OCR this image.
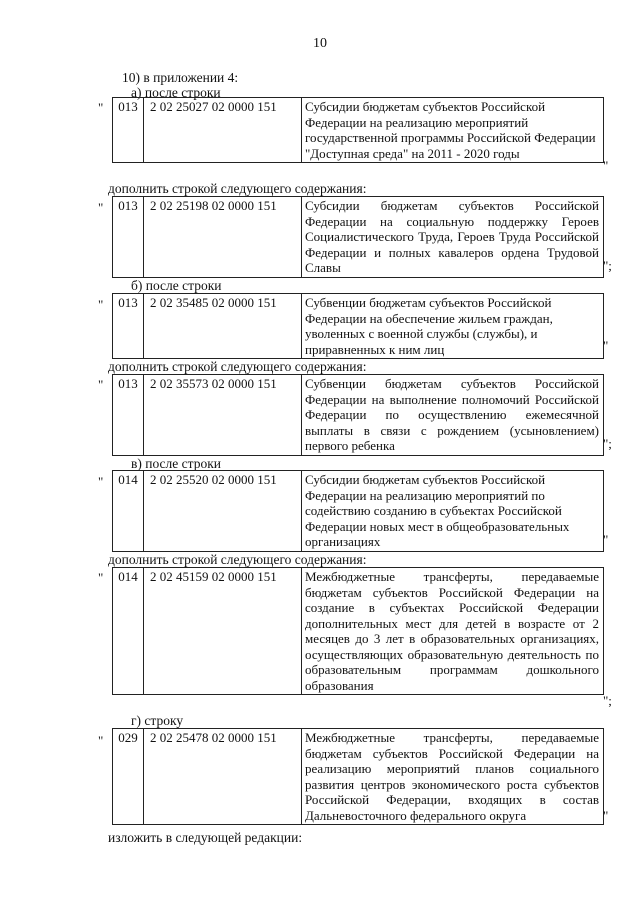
10
10) в приложении 4:
а) после строки
" 013	2 02 25027 02 0000 151	Субсидии бюджетам субъектов Российской Федерации на реализацию мероприятий государственной программы Российской Федерации "Доступная среда" на 2011 - 2020 годы
"
дополнить строкой следующего содержания:
" 013	2 02 25198 02 0000 151	Субсидии бюджетам субъектов Российской Федерации на социальную поддержку Героев Социалистического Труда, Героев Труда Российской Федерации и полных кавалеров ордена Трудовой Славы	";
б) после строки
" 013	2 02 35485 02 0000 151	Субвенции бюджетам субъектов Российской Федерации на обеспечение жильем граждан, уволенных с военной службы (службы), и приравненных к ним лиц	"
дополнить строкой следующего содержания:
" 013	2 02 35573 02 0000 151	Субвенции бюджетам субъектов Российской Федерации на выполнение полномочий Российской Федерации по осуществлению ежемесячной выплаты в связи с рождением (усыновлением) первого ребенка	";
в) после строки
" 014	2 02 25520 02 0000 151	Субсидии бюджетам субъектов Российской Федерации на реализацию мероприятий по содействию созданию в субъектах Российской Федерации новых мест в общеобразовательных организациях	"
дополнить строкой следующего содержания:
" 014	2 02 45159 02 0000 151	Межбюджетные трансферты, передаваемые бюджетам субъектов Российской Федерации на создание в субъектах Российской Федерации дополнительных мест для детей в возрасте от 2 месяцев до 3 лет в образовательных организациях, осуществляющих образовательную деятельность по образовательным программам дошкольного образования
";
г) строку
" 029	2 02 25478 02 0000 151	Межбюджетные трансферты, передаваемые бюджетам субъектов Российской Федерации на реализацию мероприятий планов социального развития центров экономического роста субъектов Российской Федерации, входящих в состав Дальневосточного федерального округа	"
изложить в следующей редакции:
